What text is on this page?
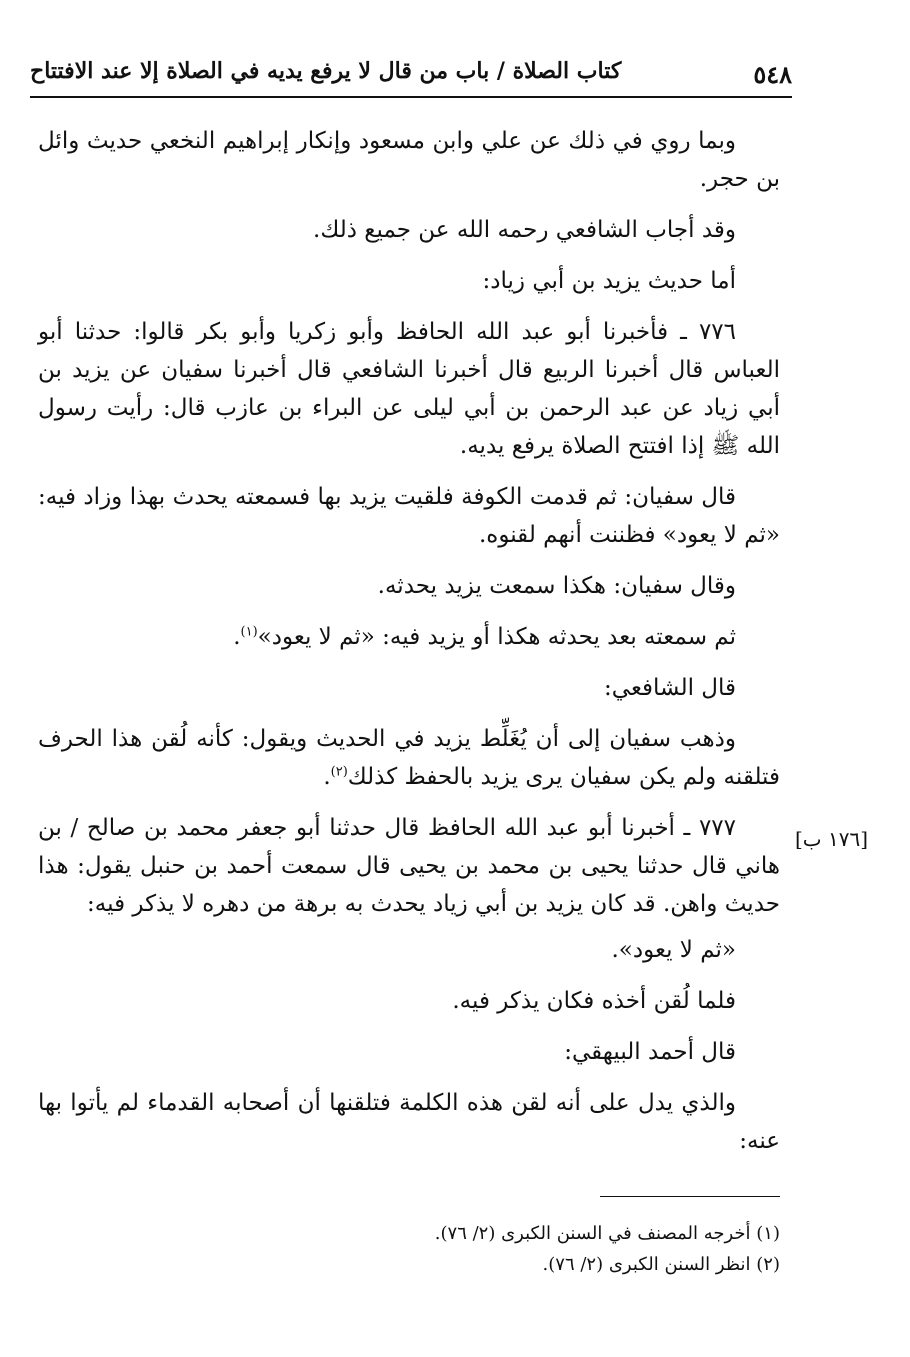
٥٤٨
كتاب الصلاة / باب من قال لا يرفع يديه في الصلاة إلا عند الافتتاح
[١٧٦ ب]

وبما روي في ذلك عن علي وابن مسعود وإنكار إبراهيم النخعي حديث وائل بن حجر.

وقد أجاب الشافعي رحمه الله عن جميع ذلك.

أما حديث يزيد بن أبي زياد:

٧٧٦ ـ فأخبرنا أبو عبد الله الحافظ وأبو زكريا وأبو بكر قالوا: حدثنا أبو العباس قال أخبرنا الربيع قال أخبرنا الشافعي قال أخبرنا سفيان عن يزيد بن أبي زياد عن عبد الرحمن بن أبي ليلى عن البراء بن عازب قال: رأيت رسول الله ﷺ إذا افتتح الصلاة يرفع يديه.

قال سفيان: ثم قدمت الكوفة فلقيت يزيد بها فسمعته يحدث بهذا وزاد فيه: «ثم لا يعود» فظننت أنهم لقنوه.

وقال سفيان: هكذا سمعت يزيد يحدثه.

ثم سمعته بعد يحدثه هكذا أو يزيد فيه: «ثم لا يعود»$^{(١)}$.

قال الشافعي:

وذهب سفيان إلى أن يُغَلِّط يزيد في الحديث ويقول: كأنه لُقن هذا الحرف فتلقنه ولم يكن سفيان يرى يزيد بالحفظ كذلك$^{(٢)}$.

٧٧٧ ـ أخبرنا أبو عبد الله الحافظ قال حدثنا أبو جعفر محمد بن صالح / بن هاني قال حدثنا يحيى بن محمد بن يحيى قال سمعت أحمد بن حنبل يقول: هذا حديث واهن. قد كان يزيد بن أبي زياد يحدث به برهة من دهره لا يذكر فيه:

«ثم لا يعود».

فلما لُقن أخذه فكان يذكر فيه.

قال أحمد البيهقي:

والذي يدل على أنه لقن هذه الكلمة فتلقنها أن أصحابه القدماء لم يأتوا بها عنه:

(١) أخرجه المصنف في السنن الكبرى (٢/ ٧٦).
(٢) انظر السنن الكبرى (٢/ ٧٦).
